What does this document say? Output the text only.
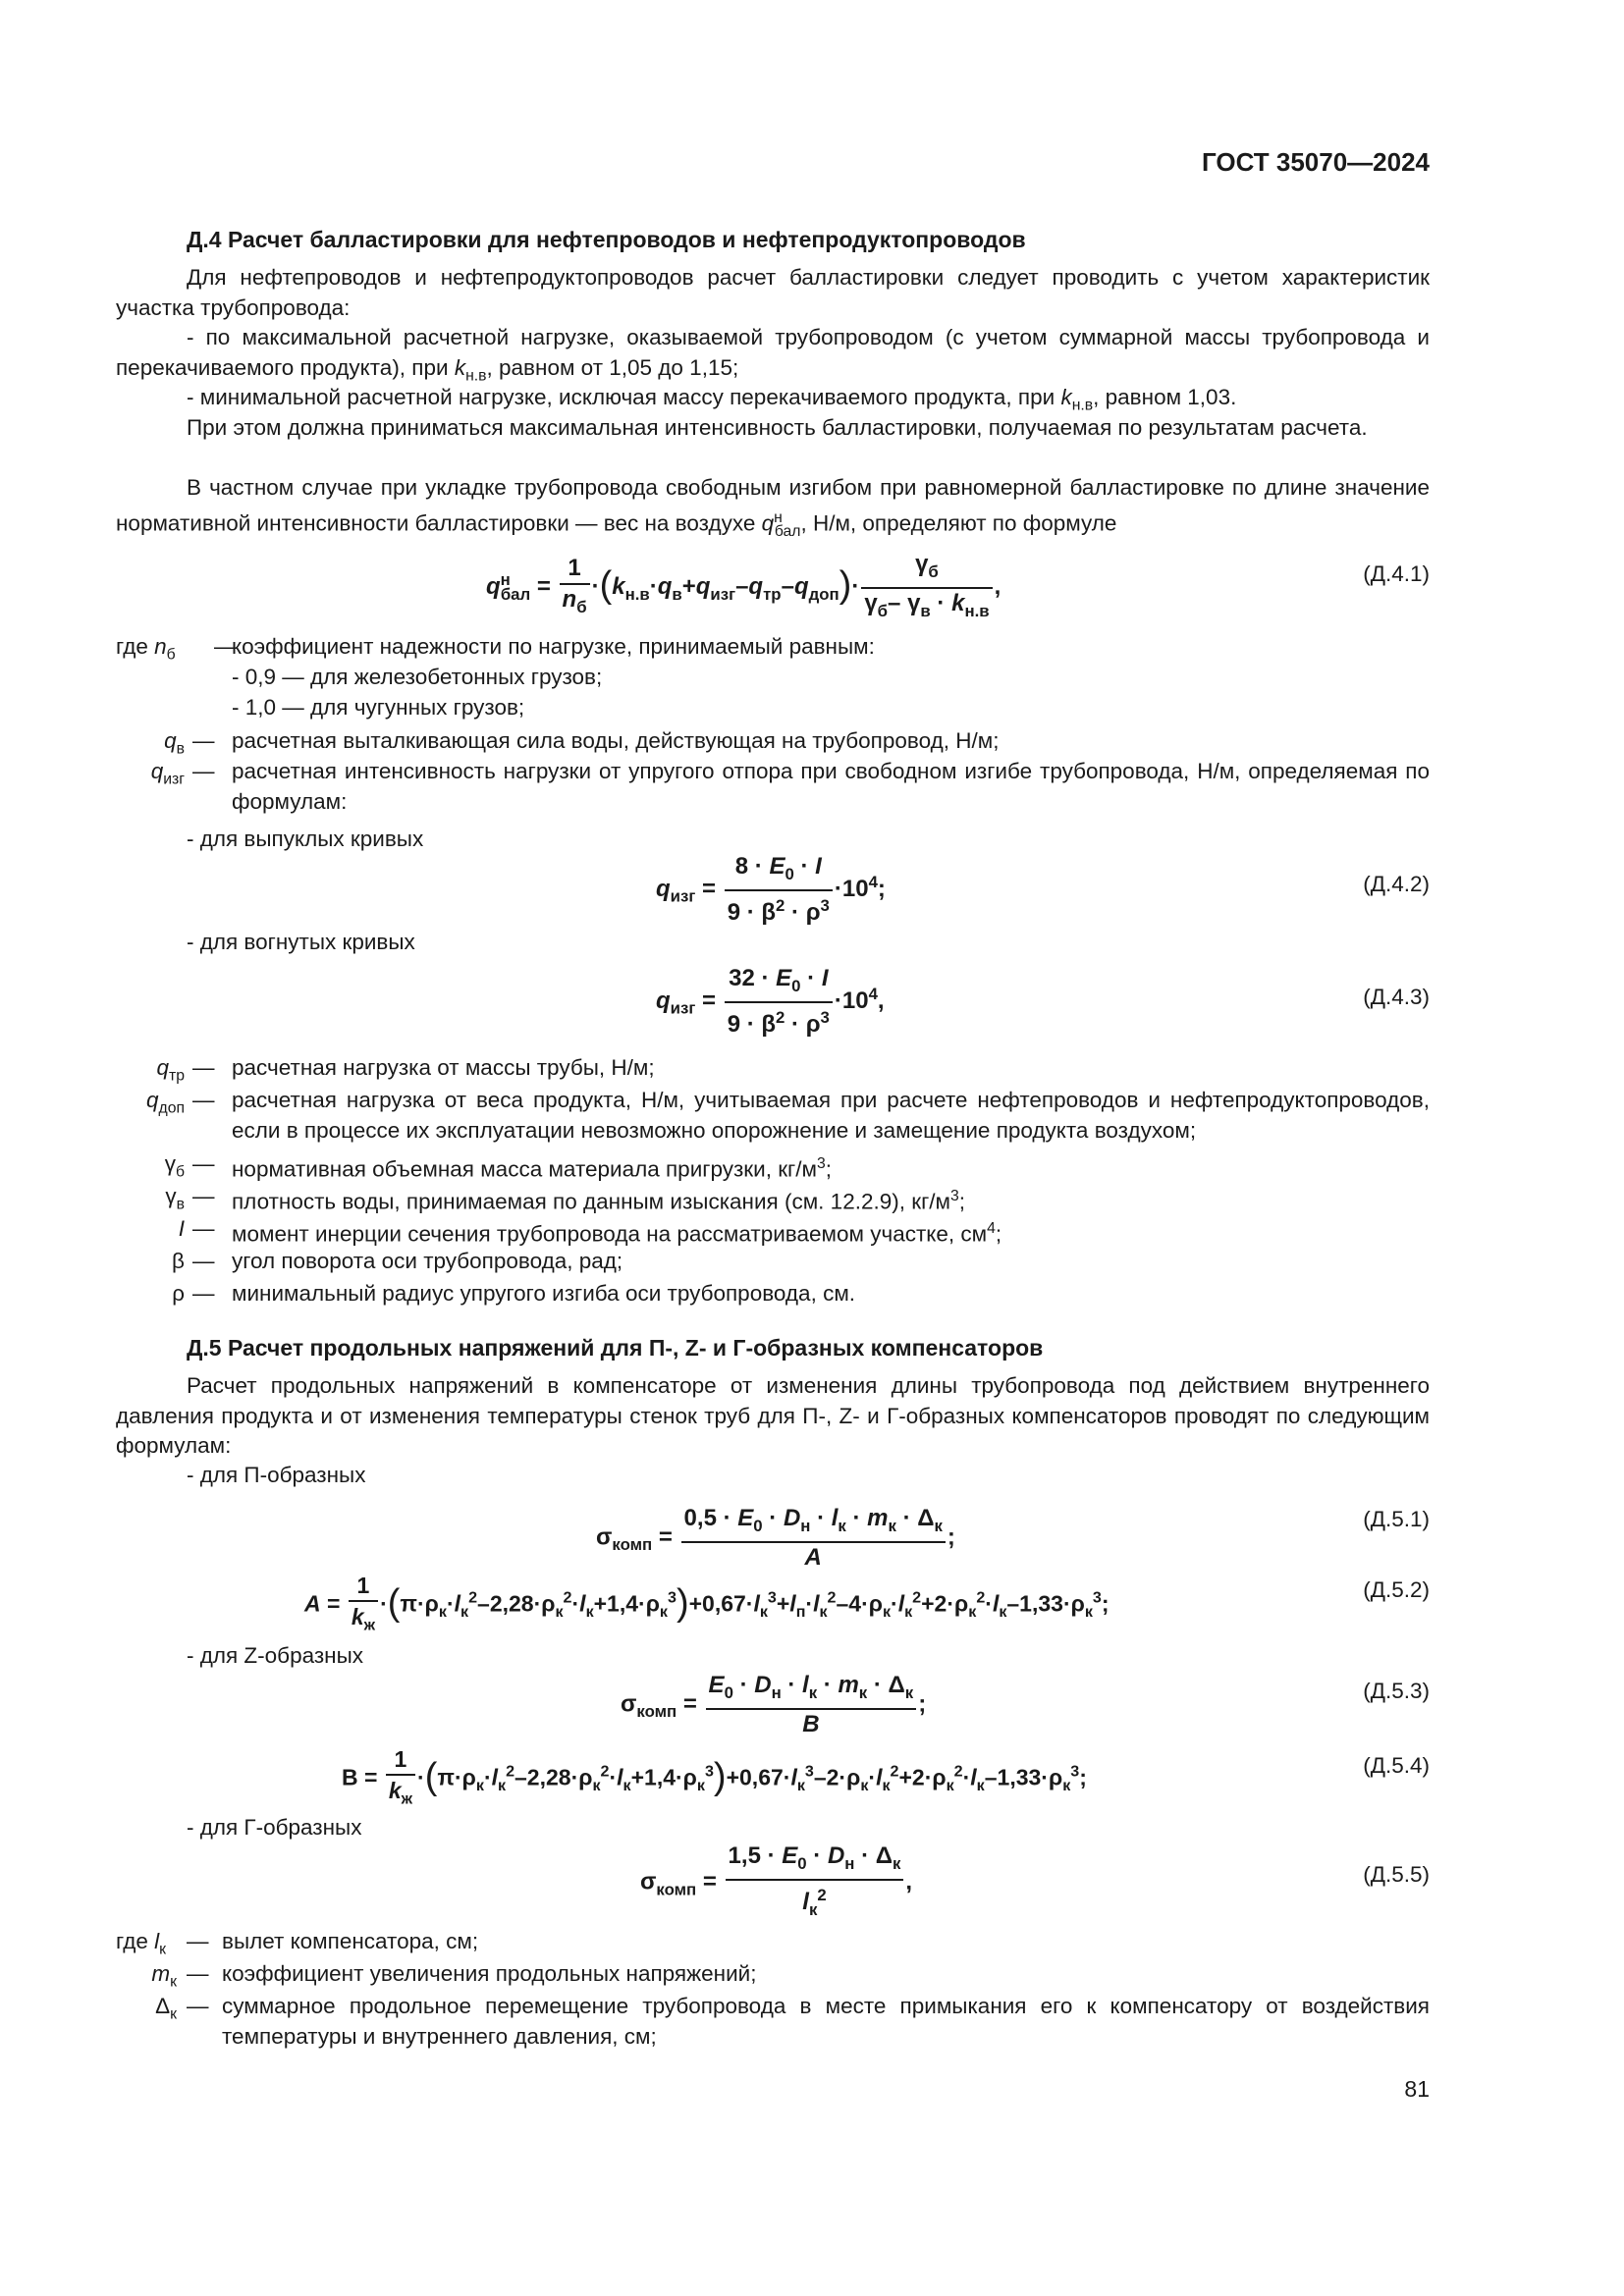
ГОСТ 35070—2024
Д.4 Расчет балластировки для нефтепроводов и нефтепродуктопроводов
Для нефтепроводов и нефтепродуктопроводов расчет балластировки следует проводить с учетом характеристик участка трубопровода:
- по максимальной расчетной нагрузке, оказываемой трубопроводом (с учетом суммарной массы трубопровода и перекачиваемого продукта), при $k_{н.в}$, равном от 1,05 до 1,15;
- минимальной расчетной нагрузке, исключая массу перекачиваемого продукта, при $k_{н.в}$, равном 1,03.
При этом должна приниматься максимальная интенсивность балластировки, получаемая по результатам расчета.
В частном случае при укладке трубопровода свободным изгибом при равномерной балластировке по длине значение нормативной интенсивности балластировки — вес на воздухе $q^н_{бал}$, Н/м, определяют по формуле
$q^н_{бал} = \frac{1}{n_б} \cdot(k_{н.в}\cdot q_в+q_{изг}-q_{тр}-q_{доп})\cdot \frac{\gamma_б}{\gamma_б- \gamma_в \cdot k_{н.в}}$ ,	(Д.4.1)
где $n_б$ —
коэффициент надежности по нагрузке, принимаемый равным:
- 0,9 — для железобетонных грузов;
- 1,0 — для чугунных грузов;
$q_в$ — расчетная выталкивающая сила воды, действующая на трубопровод, Н/м;
$q_{изг}$ — расчетная интенсивность нагрузки от упругого отпора при свободном изгибе трубопровода, Н/м, определяемая по формулам:
- для выпуклых кривых
$q_{изг} = \frac{8 \cdot E_0 \cdot I}{9 \cdot \beta^2 \cdot \rho^3} \cdot 10^4$;	(Д.4.2)
- для вогнутых кривых
$q_{изг} = \frac{32 \cdot E_0 \cdot I}{9 \cdot \beta^2 \cdot \rho^3} \cdot 10^4$,	(Д.4.3)
$q_{тр}$ — расчетная нагрузка от массы трубы, Н/м;
$q_{доп}$ — расчетная нагрузка от веса продукта, Н/м, учитываемая при расчете нефтепроводов и нефтепродуктопроводов, если в процессе их эксплуатации невозможно опорожнение и замещение продукта воздухом;
$\gamma_б$ — нормативная объемная масса материала пригрузки, $кг/м^3$;
$\gamma_в$ — плотность воды, принимаемая по данным изыскания (см. 12.2.9), $кг/м^3$;
I — момент инерции сечения трубопровода на рассматриваемом участке, $см^4$;
β — угол поворота оси трубопровода, рад;
ρ — минимальный радиус упругого изгиба оси трубопровода, см.
Д.5 Расчет продольных напряжений для П-, Z- и Г-образных компенсаторов
Расчет продольных напряжений в компенсаторе от изменения длины трубопровода под действием внутреннего давления продукта и от изменения температуры стенок труб для П-, Z- и Г-образных компенсаторов проводят по следующим формулам:
- для П-образных
$\sigma_{комп} = \frac{0,5 \cdot E_0 \cdot D_н \cdot l_к \cdot m_к \cdot \Delta_к}{A}$ ;
(Д.5.1)
$A = \frac{1}{k_ж} \cdot(\pi\cdot\rho_к\cdot l_к^2-2,28\cdot\rho_к^2\cdot l_к+1,4\cdot\rho_к^3)+0,67\cdot l_к^3+l_п\cdot l_к^2-4\cdot\rho_к\cdot l_к^2+2\cdot\rho_к^2\cdot l_к-1,33\cdot\rho_к^3$;
(Д.5.2)
- для Z-образных
$\sigma_{комп} = \frac{E_0 \cdot D_н \cdot l_к \cdot m_к \cdot \Delta_к}{B}$ ;	(Д.5.3)
$B = \frac{1}{k_ж} \cdot(\pi\cdot\rho_к\cdot l_к^2-2,28\cdot\rho_к^2\cdot l_к+1,4\cdot\rho_к^3)+0,67\cdot l_к^3-2\cdot\rho_к\cdot l_к^2+2\cdot\rho_к^2\cdot l_к-1,33\cdot\rho_к^3$;	(Д.5.4)
- для Г-образных
$\sigma_{комп} = \frac{1,5 \cdot E_0 \cdot D_н \cdot \Delta_к}{l_к^2}$ ,	(Д.5.5)
где $l_к$ — вылет компенсатора, см;
$m_к$ — коэффициент увеличения продольных напряжений;
$\Delta_к$ — суммарное продольное перемещение трубопровода в месте примыкания его к компенсатору от воздействия температуры и внутреннего давления, см;
81
